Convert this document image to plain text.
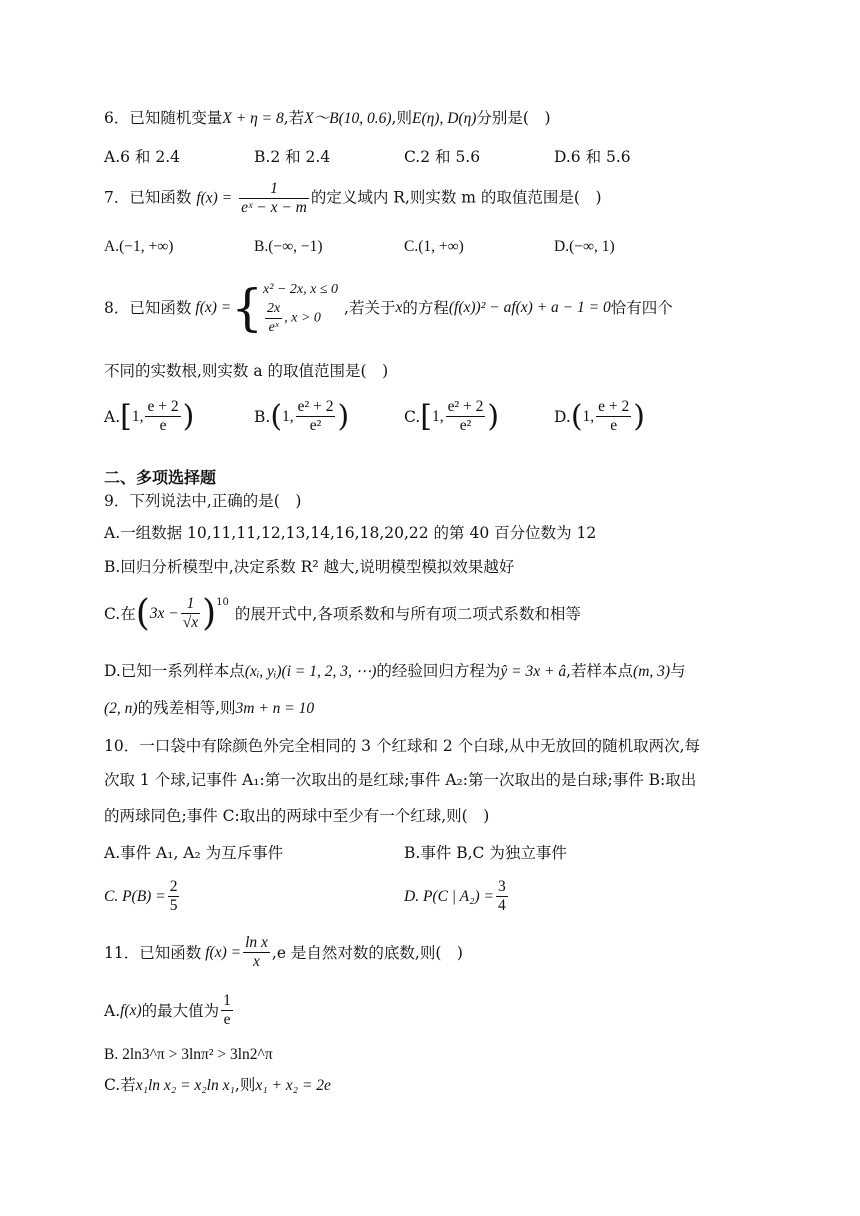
6．已知随机变量X + η = 8,若X～B(10, 0.6),则E(η), D(η)分别是(　)
A.6 和 2.4	B.2 和 2.4	C.2 和 5.6	D.6 和 5.6
7．已知函数 $f(x) = \frac{1}{\text{eˣ − x − m}}$ 的定义域内 R,则实数 m 的取值范围是(　)
A.(−1, +∞)	B.(−∞, −1)	C.(1, +∞)	D.(−∞, 1)
8． 已知函数 f(x) = { x² − 2x, x ≤ 0
$\frac{2x}{\text{eˣ}}$ , x > 0
,若关于 x 的方程 (f(x))² − af(x) + a − 1 = 0 恰有四个
不同的实数根,则实数 a 的取值范围是(　)
A. [ 1, $\frac{e + 2}{e}$ )	B. ( 1, $\frac{\text{e² + 2}}{\text{e²}}$ )	C. [ 1, $\frac{\text{e² + 2}}{\text{e²}}$ )	D. ( 1, $\frac{e + 2}{e}$ )
二、多项选择题
9．下列说法中,正确的是(　)
A.一组数据 10,11,11,12,13,14,16,18,20,22 的第 40 百分位数为 12
B.回归分析模型中,决定系数 R² 越大,说明模型模拟效果越好
C.在 ( $3x - \frac{1}{√x} )^{10}$
的展开式中,各项系数和与所有项二项式系数和相等
D.已知一系列样本点(xᵢ, yᵢ)(i = 1, 2, 3, ⋯)的经验回归方程为ŷ = 3x + â,若样本点(m, 3)与
(2, n)的残差相等,则3m + n = 10
10．一口袋中有除颜色外完全相同的 3 个红球和 2 个白球,从中无放回的随机取两次,每
次取 1 个球,记事件 A₁:第一次取出的是红球;事件 A₂:第一次取出的是白球;事件 B:取出
的两球同色;事件 C:取出的两球中至少有一个红球,则(　)
A.事件 A₁, A₂ 为互斥事件	B.事件 B,C 为独立事件
C. $P(B) = \frac{2}{5}$	D. P(C | $A_2) = \frac{3}{4}$
11． 已知函数 $f(x) = \frac{\text{ln x}}{x} ,e$ 是自然对数的底数,则(　)
A. f(x) 的最大值为 $\frac{1}{e}$
B. 2ln3^π > 3lnπ² > 3ln2^π
C.若x₁ln x₂ = x₂ln x₁,则x₁ + x₂ = 2e
